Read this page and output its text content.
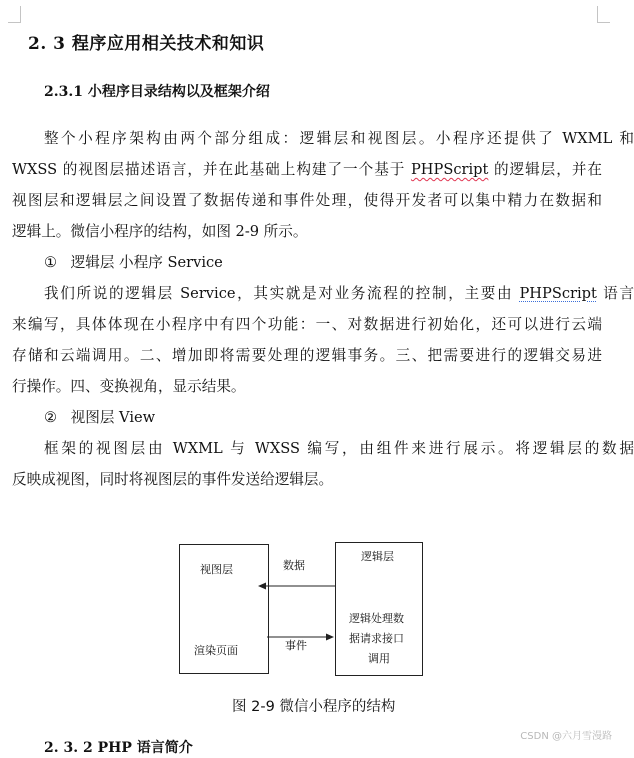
2. 3 程序应用相关技术和知识
2.3.1 小程序目录结构以及框架介绍
整个小程序架构由两个部分组成：逻辑层和视图层。小程序还提供了 WXML 和
WXSS 的视图层描述语言，并在此基础上构建了一个基于 PHPScript 的逻辑层，并在
视图层和逻辑层之间设置了数据传递和事件处理，使得开发者可以集中精力在数据和
逻辑上。微信小程序的结构，如图 2-9 所示。
① 逻辑层 小程序 Service
我们所说的逻辑层 Service，其实就是对业务流程的控制，主要由 PHPScript 语言
来编写，具体体现在小程序中有四个功能：一、对数据进行初始化，还可以进行云端
存储和云端调用。二、增加即将需要处理的逻辑事务。三、把需要进行的逻辑交易进
行操作。四、变换视角，显示结果。
② 视图层 View
框架的视图层由 WXML 与 WXSS 编写，由组件来进行展示。将逻辑层的数据
反映成视图，同时将视图层的事件发送给逻辑层。
视图层
渲染页面
逻辑层
逻辑处理数
据请求接口
调用
数据
事件
图 2-9 微信小程序的结构
2. 3. 2 PHP 语言简介
CSDN @六月雪漫路
